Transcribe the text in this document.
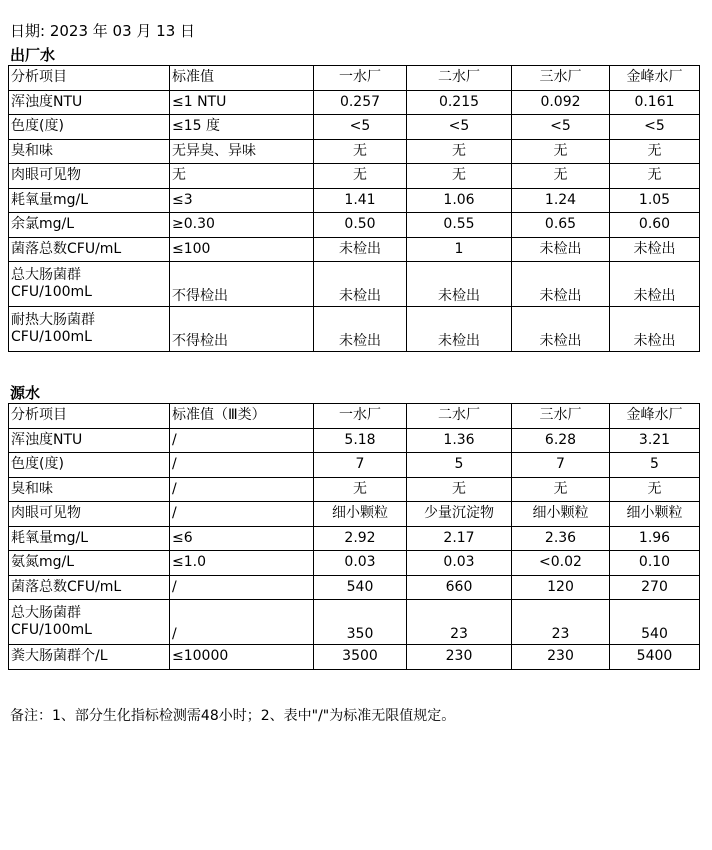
日期: 2023 年 03 月 13 日
出厂水
分析项目	标准值	一水厂	二水厂	三水厂	金峰水厂
浑浊度NTU	≤1 NTU	0.257	0.215	0.092	0.161
色度(度)	≤15 度	<5	<5	<5	<5
臭和味	无异臭、异味	无	无	无	无
肉眼可见物	无	无	无	无	无
耗氧量mg/L	≤3	1.41	1.06	1.24	1.05
余氯mg/L	≥0.30	0.50	0.55	0.65	0.60
菌落总数CFU/mL	≤100	未检出	1	未检出	未检出
总大肠菌群
CFU/100mL	不得检出	未检出	未检出	未检出	未检出
耐热大肠菌群
CFU/100mL	不得检出	未检出	未检出	未检出	未检出
源水
分析项目	标准值（Ⅲ类）	一水厂	二水厂	三水厂	金峰水厂
浑浊度NTU	/	5.18	1.36	6.28	3.21
色度(度)	/	7	5	7	5
臭和味	/	无	无	无	无
肉眼可见物	/	细小颗粒	少量沉淀物	细小颗粒	细小颗粒
耗氧量mg/L	≤6	2.92	2.17	2.36	1.96
氨氮mg/L	≤1.0	0.03	0.03	<0.02	0.10
菌落总数CFU/mL	/	540	660	120	270
总大肠菌群
CFU/100mL	/	350	23	23	540
粪大肠菌群个/L	≤10000	3500	230	230	5400
备注：1、部分生化指标检测需48小时；2、表中"/"为标准无限值规定。
